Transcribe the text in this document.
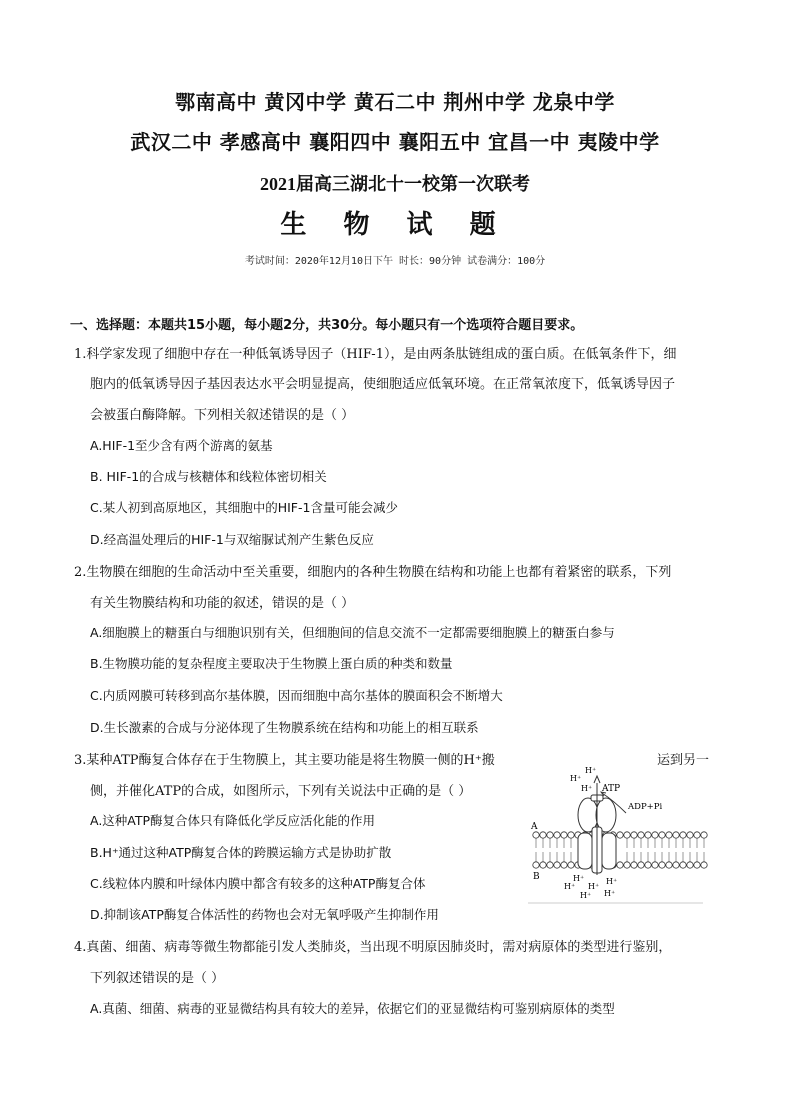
鄂南高中 黄冈中学 黄石二中 荆州中学 龙泉中学
武汉二中 孝感高中 襄阳四中 襄阳五中 宜昌一中 夷陵中学
2021届高三湖北十一校第一次联考
生 物 试 题
考试时间：2020年12月10日下午 时长：90分钟 试卷满分：100分
一、选择题：本题共15小题，每小题2分，共30分。每小题只有一个选项符合题目要求。
1.科学家发现了细胞中存在一种低氧诱导因子（HIF-1），是由两条肽链组成的蛋白质。在低氧条件下，细
胞内的低氧诱导因子基因表达水平会明显提高，使细胞适应低氧环境。在正常氧浓度下，低氧诱导因子
会被蛋白酶降解。下列相关叙述错误的是（ ）
A.HIF-1至少含有两个游离的氨基
B. HIF-1的合成与核糖体和线粒体密切相关
C.某人初到高原地区，其细胞中的HIF-1含量可能会减少
D.经高温处理后的HIF-1与双缩脲试剂产生紫色反应
2.生物膜在细胞的生命活动中至关重要，细胞内的各种生物膜在结构和功能上也都有着紧密的联系，下列
有关生物膜结构和功能的叙述，错误的是（ ）
A.细胞膜上的糖蛋白与细胞识别有关，但细胞间的信息交流不一定都需要细胞膜上的糖蛋白参与
B.生物膜功能的复杂程度主要取决于生物膜上蛋白质的种类和数量
C.内质网膜可转移到高尔基体膜，因而细胞中高尔基体的膜面积会不断增大
D.生长激素的合成与分泌体现了生物膜系统在结构和功能上的相互联系
3.某种ATP酶复合体存在于生物膜上，其主要功能是将生物膜一侧的H⁺搬	运到另一
侧，并催化ATP的合成，如图所示，下列有关说法中正确的是（ ）
A.这种ATP酶复合体只有降低化学反应活化能的作用
B.H⁺通过这种ATP酶复合体的跨膜运输方式是协助扩散
C.线粒体内膜和叶绿体内膜中都含有较多的这种ATP酶复合体
D.抑制该ATP酶复合体活性的药物也会对无氧呼吸产生抑制作用
ATP
ADP+Pi
A
B
H⁺
H⁺
H⁺
H⁺
H⁺ H⁺
H⁺
H⁺
H⁺
4.真菌、细菌、病毒等微生物都能引发人类肺炎，当出现不明原因肺炎时，需对病原体的类型进行鉴别，
下列叙述错误的是（ ）
A.真菌、细菌、病毒的亚显微结构具有较大的差异，依据它们的亚显微结构可鉴别病原体的类型
